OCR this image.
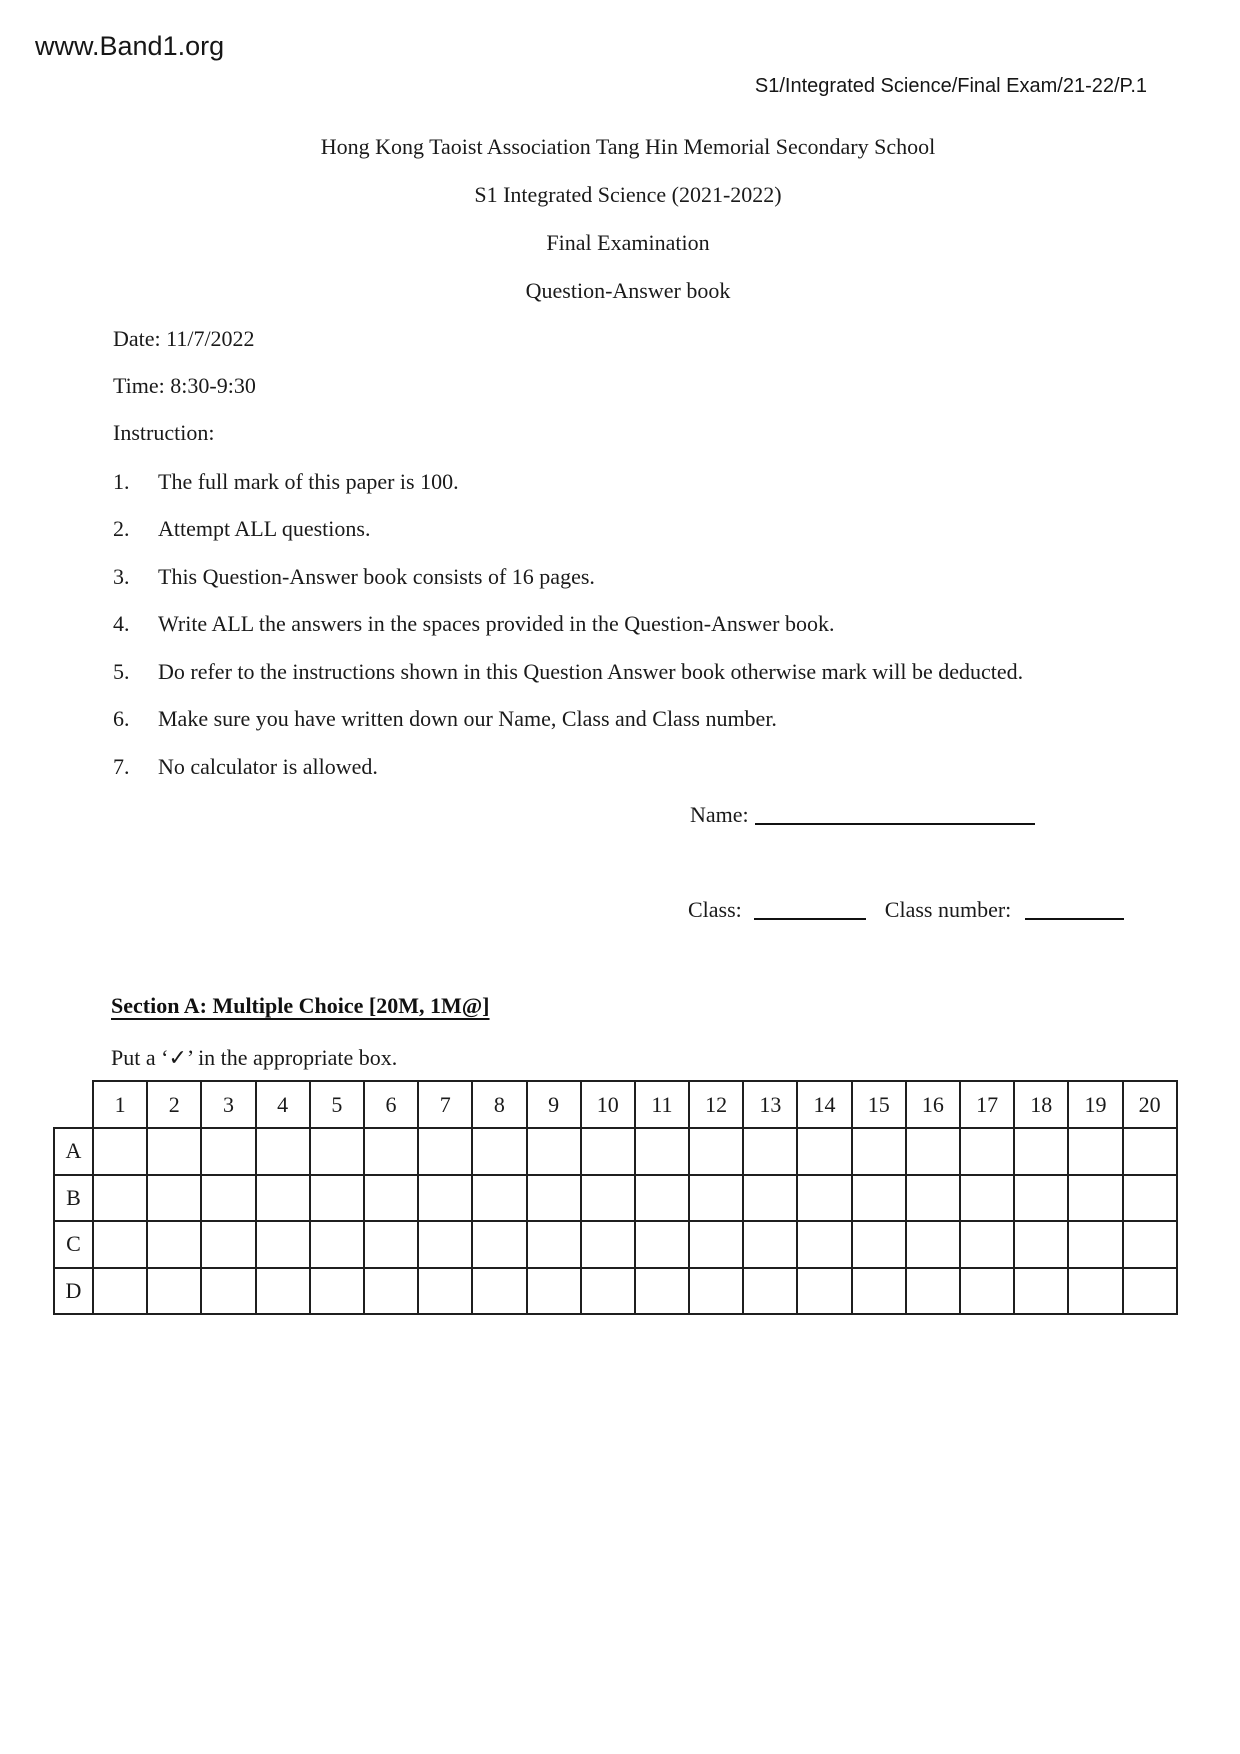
www.Band1.org
S1/Integrated Science/Final Exam/21-22/P.1
Hong Kong Taoist Association Tang Hin Memorial Secondary School
S1 Integrated Science (2021-2022)
Final Examination
Question-Answer book
Date: 11/7/2022
Time: 8:30-9:30
Instruction:
1.	The full mark of this paper is 100.
2.	Attempt ALL questions.
3.	This Question-Answer book consists of 16 pages.
4.	Write ALL the answers in the spaces provided in the Question-Answer book.
5.	Do refer to the instructions shown in this Question Answer book otherwise mark will be deducted.
6.	Make sure you have written down our Name, Class and Class number.
7.	No calculator is allowed.
Name:
Class:	Class number:
Section A: Multiple Choice [20M, 1M@]
Put a ‘✓’ in the appropriate box.
	1	2	3	4	5	6	7	8	9	10	11	12	13	14	15	16	17	18	19	20
A																				
B																				
C																				
D																				
